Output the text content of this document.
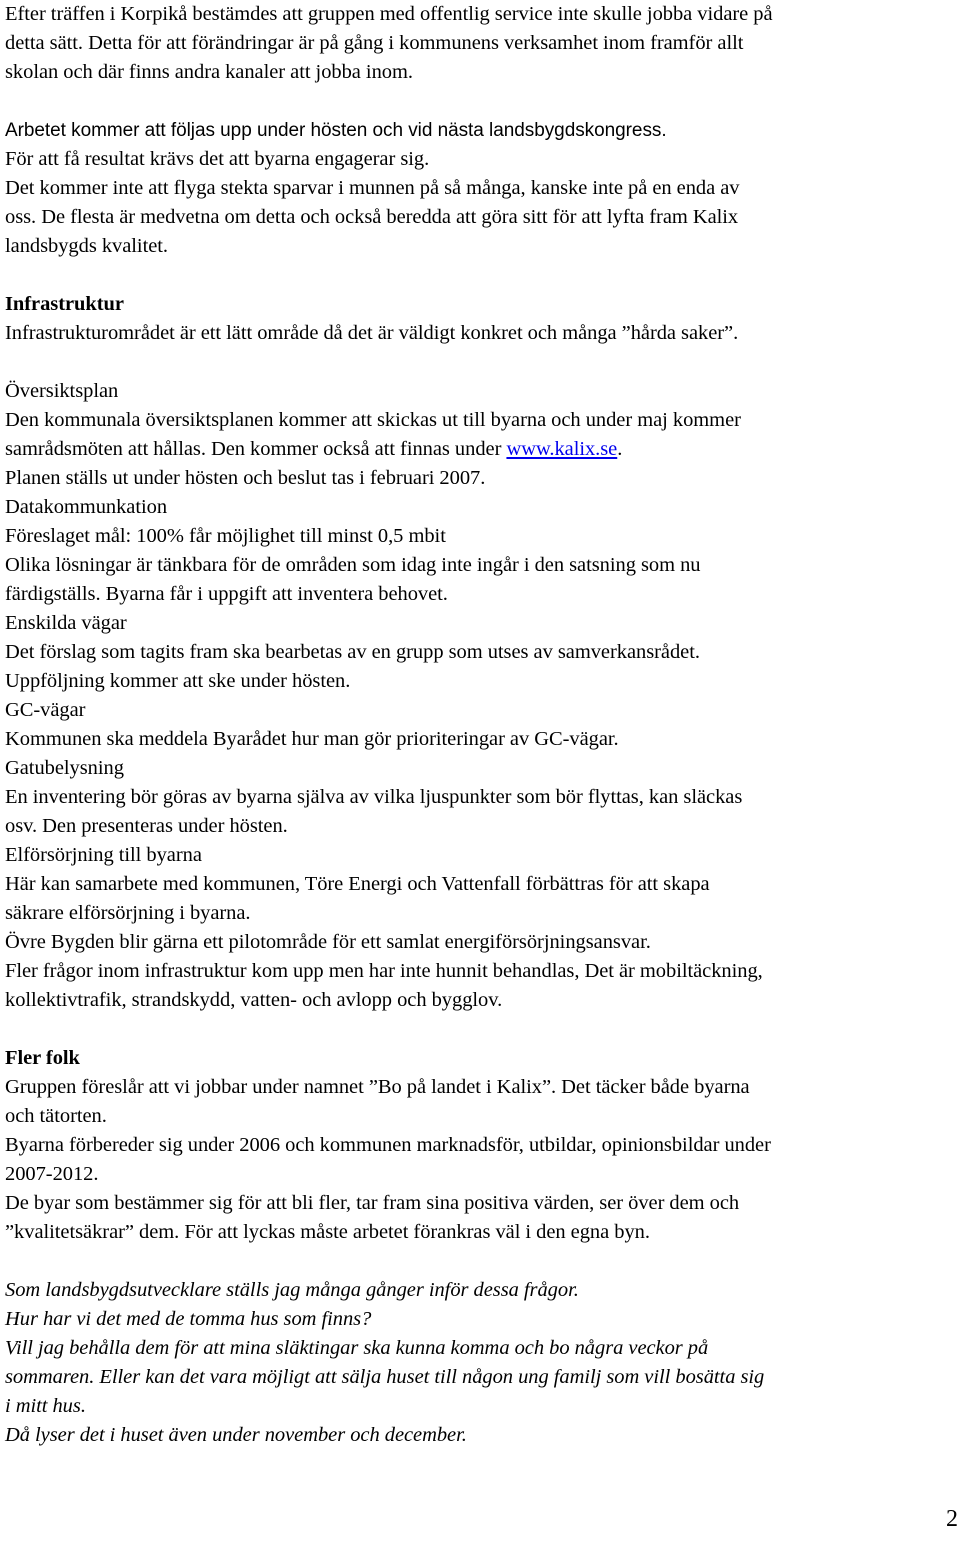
Efter träffen i Korpikå bestämdes att gruppen med offentlig service inte skulle jobba vidare på
detta sätt. Detta för att förändringar är på gång i kommunens verksamhet inom framför allt
skolan och där finns andra kanaler att jobba inom.
Arbetet kommer att följas upp under hösten och vid nästa landsbygdskongress.
För att få resultat krävs det att byarna engagerar sig.
Det kommer inte att flyga stekta sparvar i munnen på så många, kanske inte på en enda av
oss. De flesta är medvetna om detta och också beredda att göra sitt för att lyfta fram Kalix
landsbygds kvalitet.
Infrastruktur
Infrastrukturområdet är ett lätt område då det är väldigt konkret och många ”hårda saker”.
Översiktsplan
Den kommunala översiktsplanen kommer att skickas ut till byarna och under maj kommer
samrådsmöten att hållas. Den kommer också att finnas under www.kalix.se.
Planen ställs ut under hösten och beslut tas i februari 2007.
Datakommunkation
Föreslaget mål: 100% får möjlighet till minst 0,5 mbit
Olika lösningar är tänkbara för de områden som idag inte ingår i den satsning som nu
färdigställs. Byarna får i uppgift att inventera behovet.
Enskilda vägar
Det förslag som tagits fram ska bearbetas av en grupp som utses av samverkansrådet.
Uppföljning kommer att ske under hösten.
GC-vägar
Kommunen ska meddela Byarådet hur man gör prioriteringar av GC-vägar.
Gatubelysning
En inventering bör göras av byarna själva av vilka ljuspunkter som bör flyttas, kan släckas
osv. Den presenteras under hösten.
Elförsörjning till byarna
Här kan samarbete med kommunen, Töre Energi och Vattenfall förbättras för att skapa
säkrare elförsörjning i byarna.
Övre Bygden blir gärna ett pilotområde för ett samlat energiförsörjningsansvar.
Fler frågor inom infrastruktur kom upp men har inte hunnit behandlas, Det är mobiltäckning,
kollektivtrafik, strandskydd, vatten- och avlopp och bygglov.
Fler folk
Gruppen föreslår att vi jobbar under namnet ”Bo på landet i Kalix”. Det täcker både byarna
och tätorten.
Byarna förbereder sig under 2006 och kommunen marknadsför, utbildar, opinionsbildar under
2007-2012.
De byar som bestämmer sig för att bli fler, tar fram sina positiva värden, ser över dem och
”kvalitetsäkrar” dem. För att lyckas måste arbetet förankras väl i den egna byn.
Som landsbygdsutvecklare ställs jag många gånger inför dessa frågor.
Hur har vi det med de tomma hus som finns?
Vill jag behålla dem för att mina släktingar ska kunna komma och bo några veckor på
sommaren. Eller kan det vara möjligt att sälja huset till någon ung familj som vill bosätta sig
i mitt hus.
Då lyser det i huset även under november och december.
2
